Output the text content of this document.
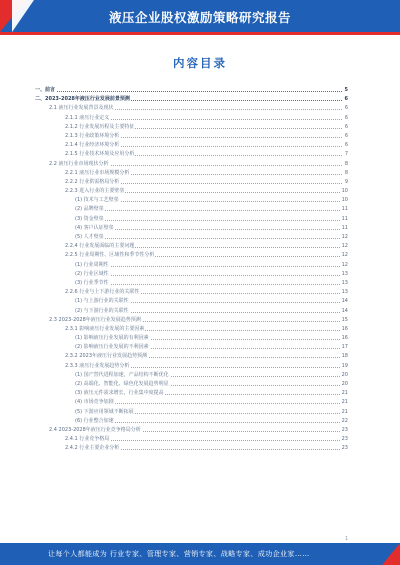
液压企业股权激励策略研究报告
内容目录
一、前言	5
二、2023-2028年液压行业发展前景预测	6
2.1 液压行业发展背景及现状	6
2.1.1 液压行业定义	6
2.1.2 行业发展历程及主要特征	6
2.1.3 行业政策环境分析	6
2.1.4 行业经济环境分析	6
2.1.5 行业技术环境及应用分析	7
2.2 液压行业市场现状分析	8
2.2.1 液压行业市场规模分析	8
2.2.2 行业供需格局分析	9
2.2.3 进入行业的主要壁垒	10
(1) 技术与工艺壁垒	10
(2) 品牌壁垒	11
(3) 资金壁垒	11
(4) 客户认证壁垒	11
(5) 人才壁垒	12
2.2.4 行业发展面临的主要问题	12
2.2.5 行业周期性、区域性和季节性分析	12
(1) 行业周期性	12
(2) 行业区域性	13
(3) 行业季节性	13
2.2.6 行业与上下游行业的关联性	13
(1) 与上游行业的关联性	14
(2) 与下游行业的关联性	14
2.3 2023-2028年液压行业发展趋势预测	15
2.3.1 影响液压行业发展的主要因素	16
(1) 影响液压行业发展的有利因素	16
(2) 影响液压行业发展的不利因素	17
2.3.2 2023年液压行业发展趋势预测	18
2.3.3 液压行业发展趋势分析	19
(1) 国产替代进程加速，产品结构不断优化	20
(2) 高端化、智能化、绿色化发展趋势明显	20
(3) 液压元件需求增长，行业集中度提高	21
(4) 市场竞争加剧	21
(5) 下游应用领域不断拓展	21
(6) 行业整合加速	22
2.4 2023-2028年液压行业竞争格局分析	23
2.4.1 行业竞争格局	23
2.4.2 行业主要企业分析	23
1
让每个人都能成为 行业专家、管理专家、营销专家、战略专家、成功企业家……
